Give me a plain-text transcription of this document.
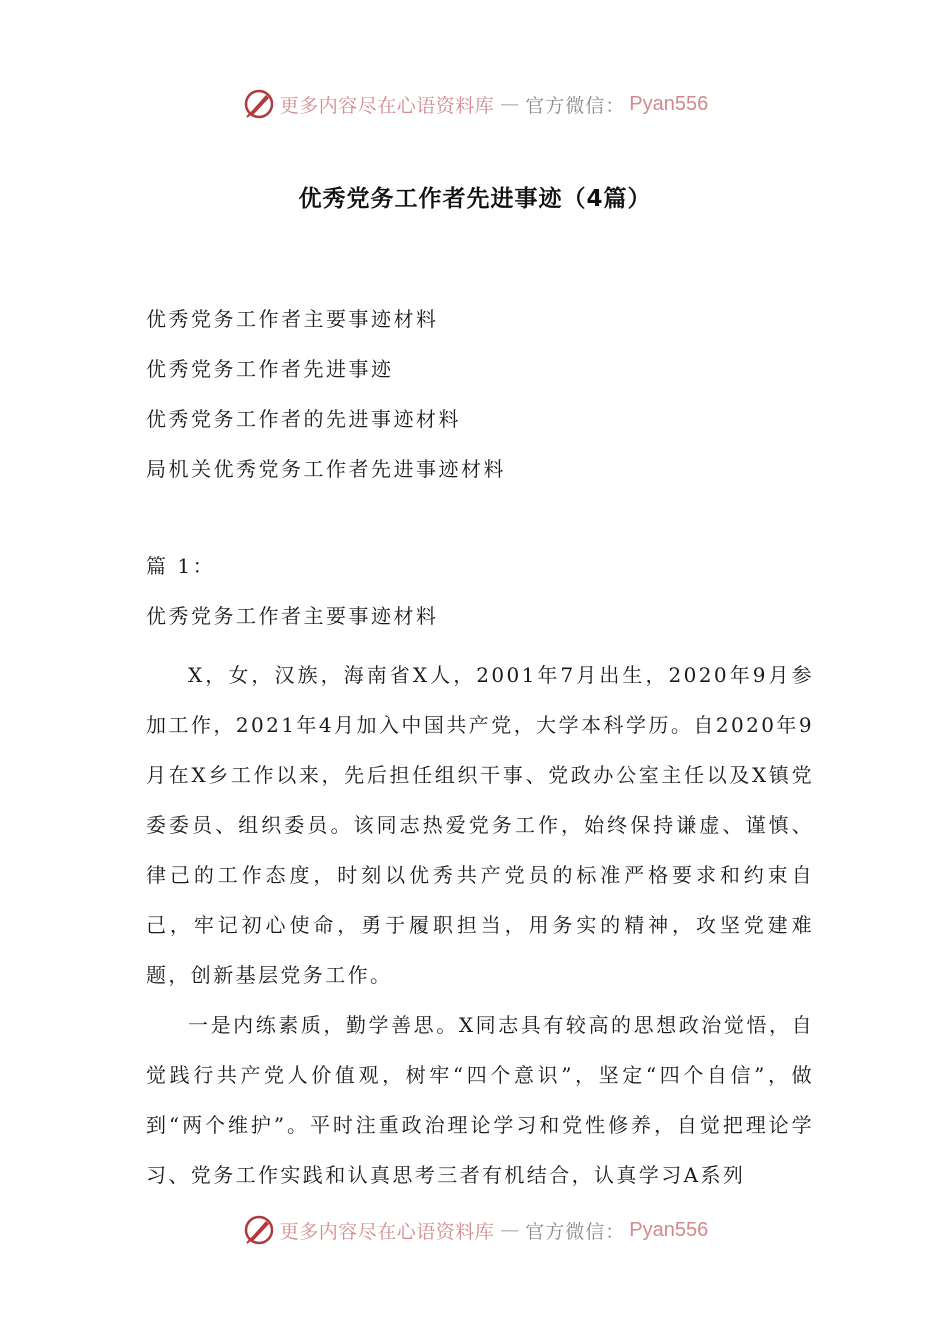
更多内容尽在心语资料库 — 官方微信： Pyan556
优秀党务工作者先进事迹（4篇）
优秀党务工作者主要事迹材料
优秀党务工作者先进事迹
优秀党务工作者的先进事迹材料
局机关优秀党务工作者先进事迹材料
篇 1：
优秀党务工作者主要事迹材料

X，女，汉族，海南省X人，2001年7月出生，2020年9月参加工作，2021年4月加入中国共产党，大学本科学历。自2020年9月在X乡工作以来，先后担任组织干事、党政办公室主任以及X镇党委委员、组织委员。该同志热爱党务工作，始终保持谦虚、谨慎、律己的工作态度，时刻以优秀共产党员的标准严格要求和约束自己，牢记初心使命，勇于履职担当，用务实的精神，攻坚党建难题，创新基层党务工作。

一是内练素质，勤学善思。X同志具有较高的思想政治觉悟，自觉践行共产党人价值观，树牢“四个意识”，坚定“四个自信”，做到“两个维护”。平时注重政治理论学习和党性修养，自觉把理论学习、党务工作实践和认真思考三者有机结合，认真学习A系列

更多内容尽在心语资料库 — 官方微信： Pyan556
